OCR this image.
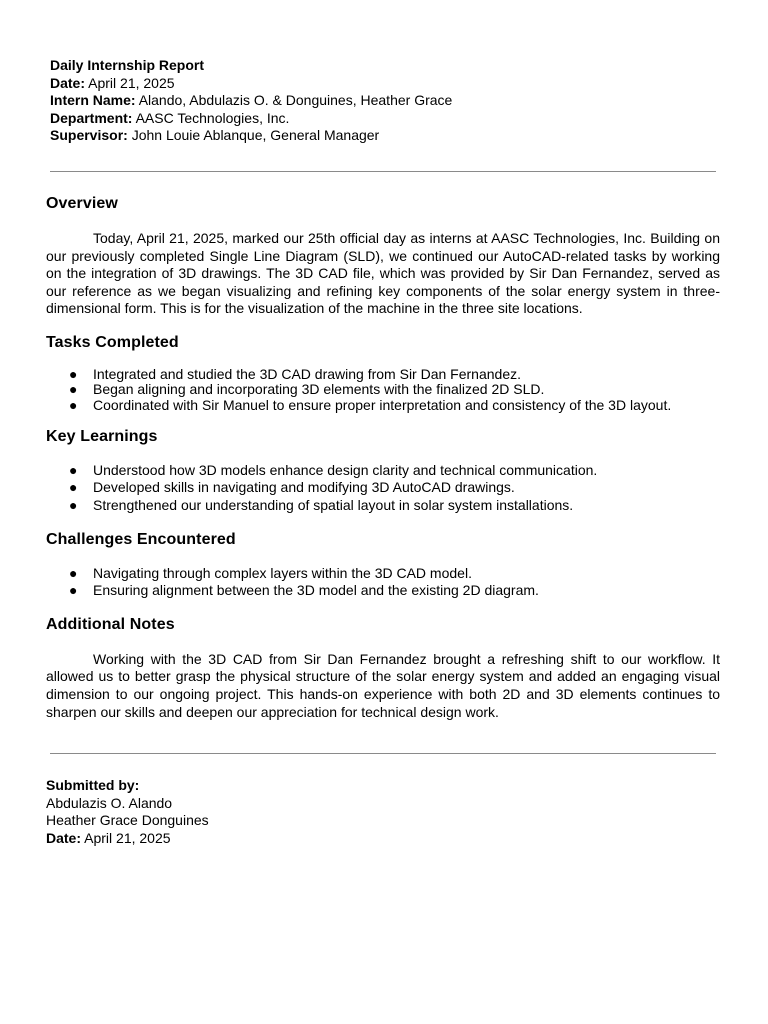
Daily Internship Report
Date: April 21, 2025
Intern Name: Alando, Abdulazis O. & Donguines, Heather Grace
Department: AASC Technologies, Inc.
Supervisor: John Louie Ablanque, General Manager
Overview

Today, April 21, 2025, marked our 25th official day as interns at AASC Technologies, Inc. Building on our previously completed Single Line Diagram (SLD), we continued our AutoCAD-related tasks by working on the integration of 3D drawings. The 3D CAD file, which was provided by Sir Dan Fernandez, served as our reference as we began visualizing and refining key components of the solar energy system in three-dimensional form. This is for the visualization of the machine in the three site locations.

Tasks Completed
● Integrated and studied the 3D CAD drawing from Sir Dan Fernandez.
● Began aligning and incorporating 3D elements with the finalized 2D SLD.
● Coordinated with Sir Manuel to ensure proper interpretation and consistency of the 3D layout.
Key Learnings
● Understood how 3D models enhance design clarity and technical communication.
● Developed skills in navigating and modifying 3D AutoCAD drawings.
● Strengthened our understanding of spatial layout in solar system installations.
Challenges Encountered
● Navigating through complex layers within the 3D CAD model.
● Ensuring alignment between the 3D model and the existing 2D diagram.
Additional Notes

Working with the 3D CAD from Sir Dan Fernandez brought a refreshing shift to our workflow. It allowed us to better grasp the physical structure of the solar energy system and added an engaging visual dimension to our ongoing project. This hands-on experience with both 2D and 3D elements continues to sharpen our skills and deepen our appreciation for technical design work.

Submitted by:
Abdulazis O. Alando
Heather Grace Donguines
Date: April 21, 2025
